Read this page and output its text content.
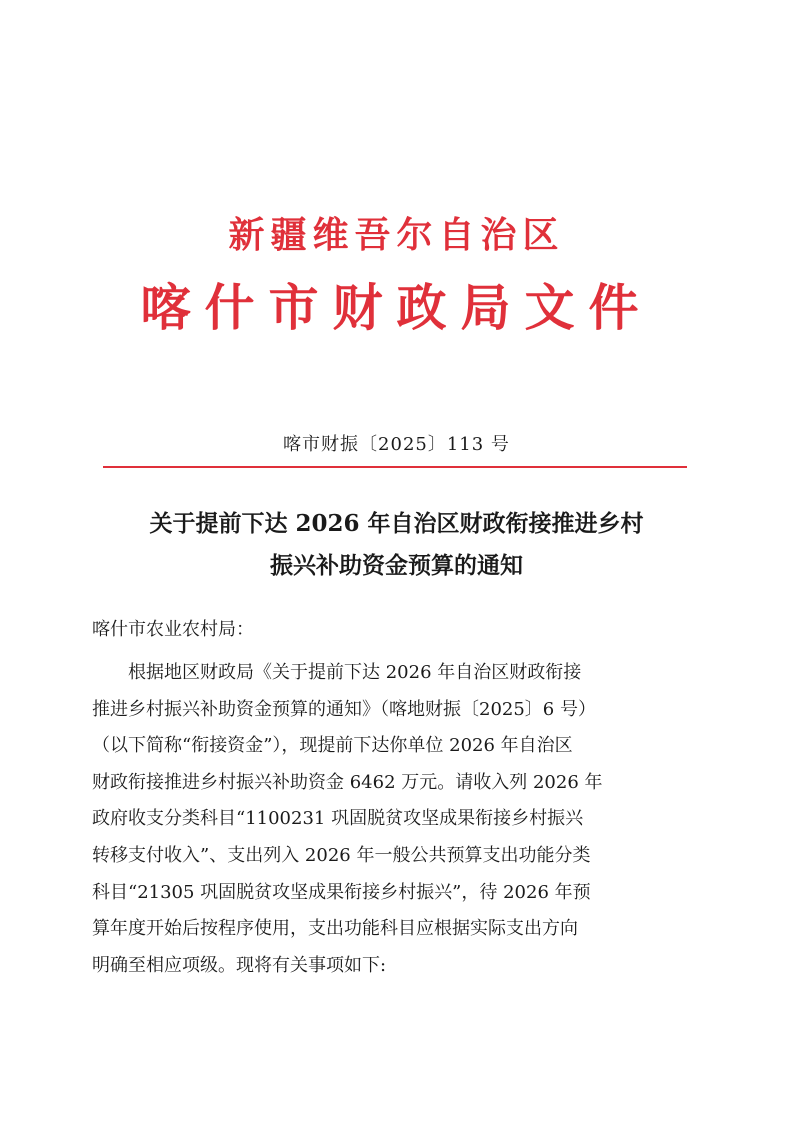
新疆维吾尔自治区
喀什市财政局文件
喀市财振〔2025〕113 号
关于提前下达 2026 年自治区财政衔接推进乡村
振兴补助资金预算的通知
喀什市农业农村局：
　　根据地区财政局《关于提前下达 2026 年自治区财政衔接
推进乡村振兴补助资金预算的通知》（喀地财振〔2025〕6 号）
（以下简称“衔接资金”），现提前下达你单位 2026 年自治区
财政衔接推进乡村振兴补助资金 6462 万元。请收入列 2026 年
政府收支分类科目“1100231 巩固脱贫攻坚成果衔接乡村振兴
转移支付收入”、支出列入 2026 年一般公共预算支出功能分类
科目“21305 巩固脱贫攻坚成果衔接乡村振兴”，待 2026 年预
算年度开始后按程序使用，支出功能科目应根据实际支出方向
明确至相应项级。现将有关事项如下:
